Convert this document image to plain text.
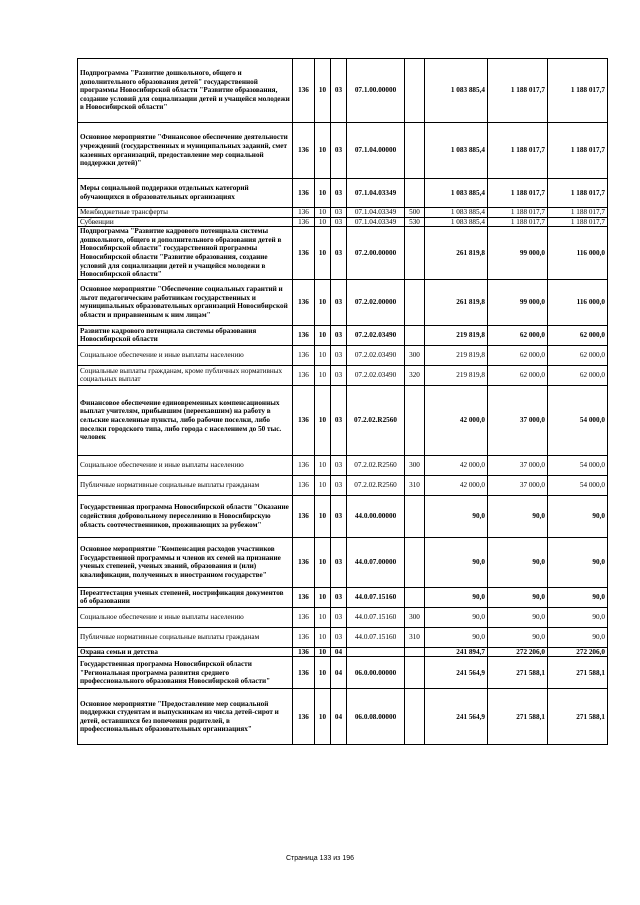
Подпрограмма "Развитие дошкольного, общего и дополнительного образования детей" государственной программы Новосибирской области "Развитие образования, создание условий для социализации детей и учащейся молодежи в Новосибирской области"	136	10	03	07.1.00.00000		1 083 885,4	1 188 017,7	1 188 017,7
Основное мероприятие "Финансовое обеспечение деятельности учреждений (государственных и муниципальных заданий, смет казенных организаций, предоставление мер социальной поддержки детей)"	136	10	03	07.1.04.00000		1 083 885,4	1 188 017,7	1 188 017,7
Меры социальной поддержки отдельных категорий обучающихся в образовательных организациях	136	10	03	07.1.04.03349		1 083 885,4	1 188 017,7	1 188 017,7
Межбюджетные трансферты	136	10	03	07.1.04.03349	500	1 083 885,4	1 188 017,7	1 188 017,7
Субвенции	136	10	03	07.1.04.03349	530	1 083 885,4	1 188 017,7	1 188 017,7
Подпрограмма "Развитие кадрового потенциала системы дошкольного, общего и дополнительного образования детей в Новосибирской области" государственной программы Новосибирской области "Развитие образования, создание условий для социализации детей и учащейся молодежи в Новосибирской области"	136	10	03	07.2.00.00000		261 819,8	99 000,0	116 000,0
Основное мероприятие "Обеспечение социальных гарантий и льгот педагогическим работникам государственных и муниципальных образовательных организаций Новосибирской области и приравненным к ним лицам"	136	10	03	07.2.02.00000		261 819,8	99 000,0	116 000,0
Развитие кадрового потенциала системы образования Новосибирской области	136	10	03	07.2.02.03490		219 819,8	62 000,0	62 000,0
Социальное обеспечение и иные выплаты населению	136	10	03	07.2.02.03490	300	219 819,8	62 000,0	62 000,0
Социальные выплаты гражданам, кроме публичных нормативных социальных выплат	136	10	03	07.2.02.03490	320	219 819,8	62 000,0	62 000,0
Финансовое обеспечение единовременных компенсационных выплат учителям, прибывшим (переехавшим) на работу в сельские населенные пункты, либо рабочие поселки, либо поселки городского типа, либо города с населением до 50 тыс. человек	136	10	03	07.2.02.R2560		42 000,0	37 000,0	54 000,0
Социальное обеспечение и иные выплаты населению	136	10	03	07.2.02.R2560	300	42 000,0	37 000,0	54 000,0
Публичные нормативные социальные выплаты гражданам	136	10	03	07.2.02.R2560	310	42 000,0	37 000,0	54 000,0
Государственная программа Новосибирской области "Оказание содействия добровольному переселению в Новосибирскую область соотечественников, проживающих за рубежом"	136	10	03	44.0.00.00000		90,0	90,0	90,0
Основное мероприятие "Компенсация расходов участников Государственной программы и членов их семей на признание ученых степеней, ученых званий, образования и (или) квалификации, полученных в иностранном государстве"	136	10	03	44.0.07.00000		90,0	90,0	90,0
Переаттестация ученых степеней, нострификация документов об образовании	136	10	03	44.0.07.15160		90,0	90,0	90,0
Социальное обеспечение и иные выплаты населению	136	10	03	44.0.07.15160	300	90,0	90,0	90,0
Публичные нормативные социальные выплаты гражданам	136	10	03	44.0.07.15160	310	90,0	90,0	90,0
Охрана семьи и детства	136	10	04			241 894,7	272 206,0	272 206,0
Государственная программа Новосибирской области "Региональная программа развития среднего профессионального образования Новосибирской области"	136	10	04	06.0.00.00000		241 564,9	271 588,1	271 588,1
Основное мероприятие "Предоставление мер социальной поддержки студентам и выпускникам из числа детей-сирот и детей, оставшихся без попечения родителей, в профессиональных образовательных организациях"	136	10	04	06.0.08.00000		241 564,9	271 588,1	271 588,1
Страница 133 из 196
